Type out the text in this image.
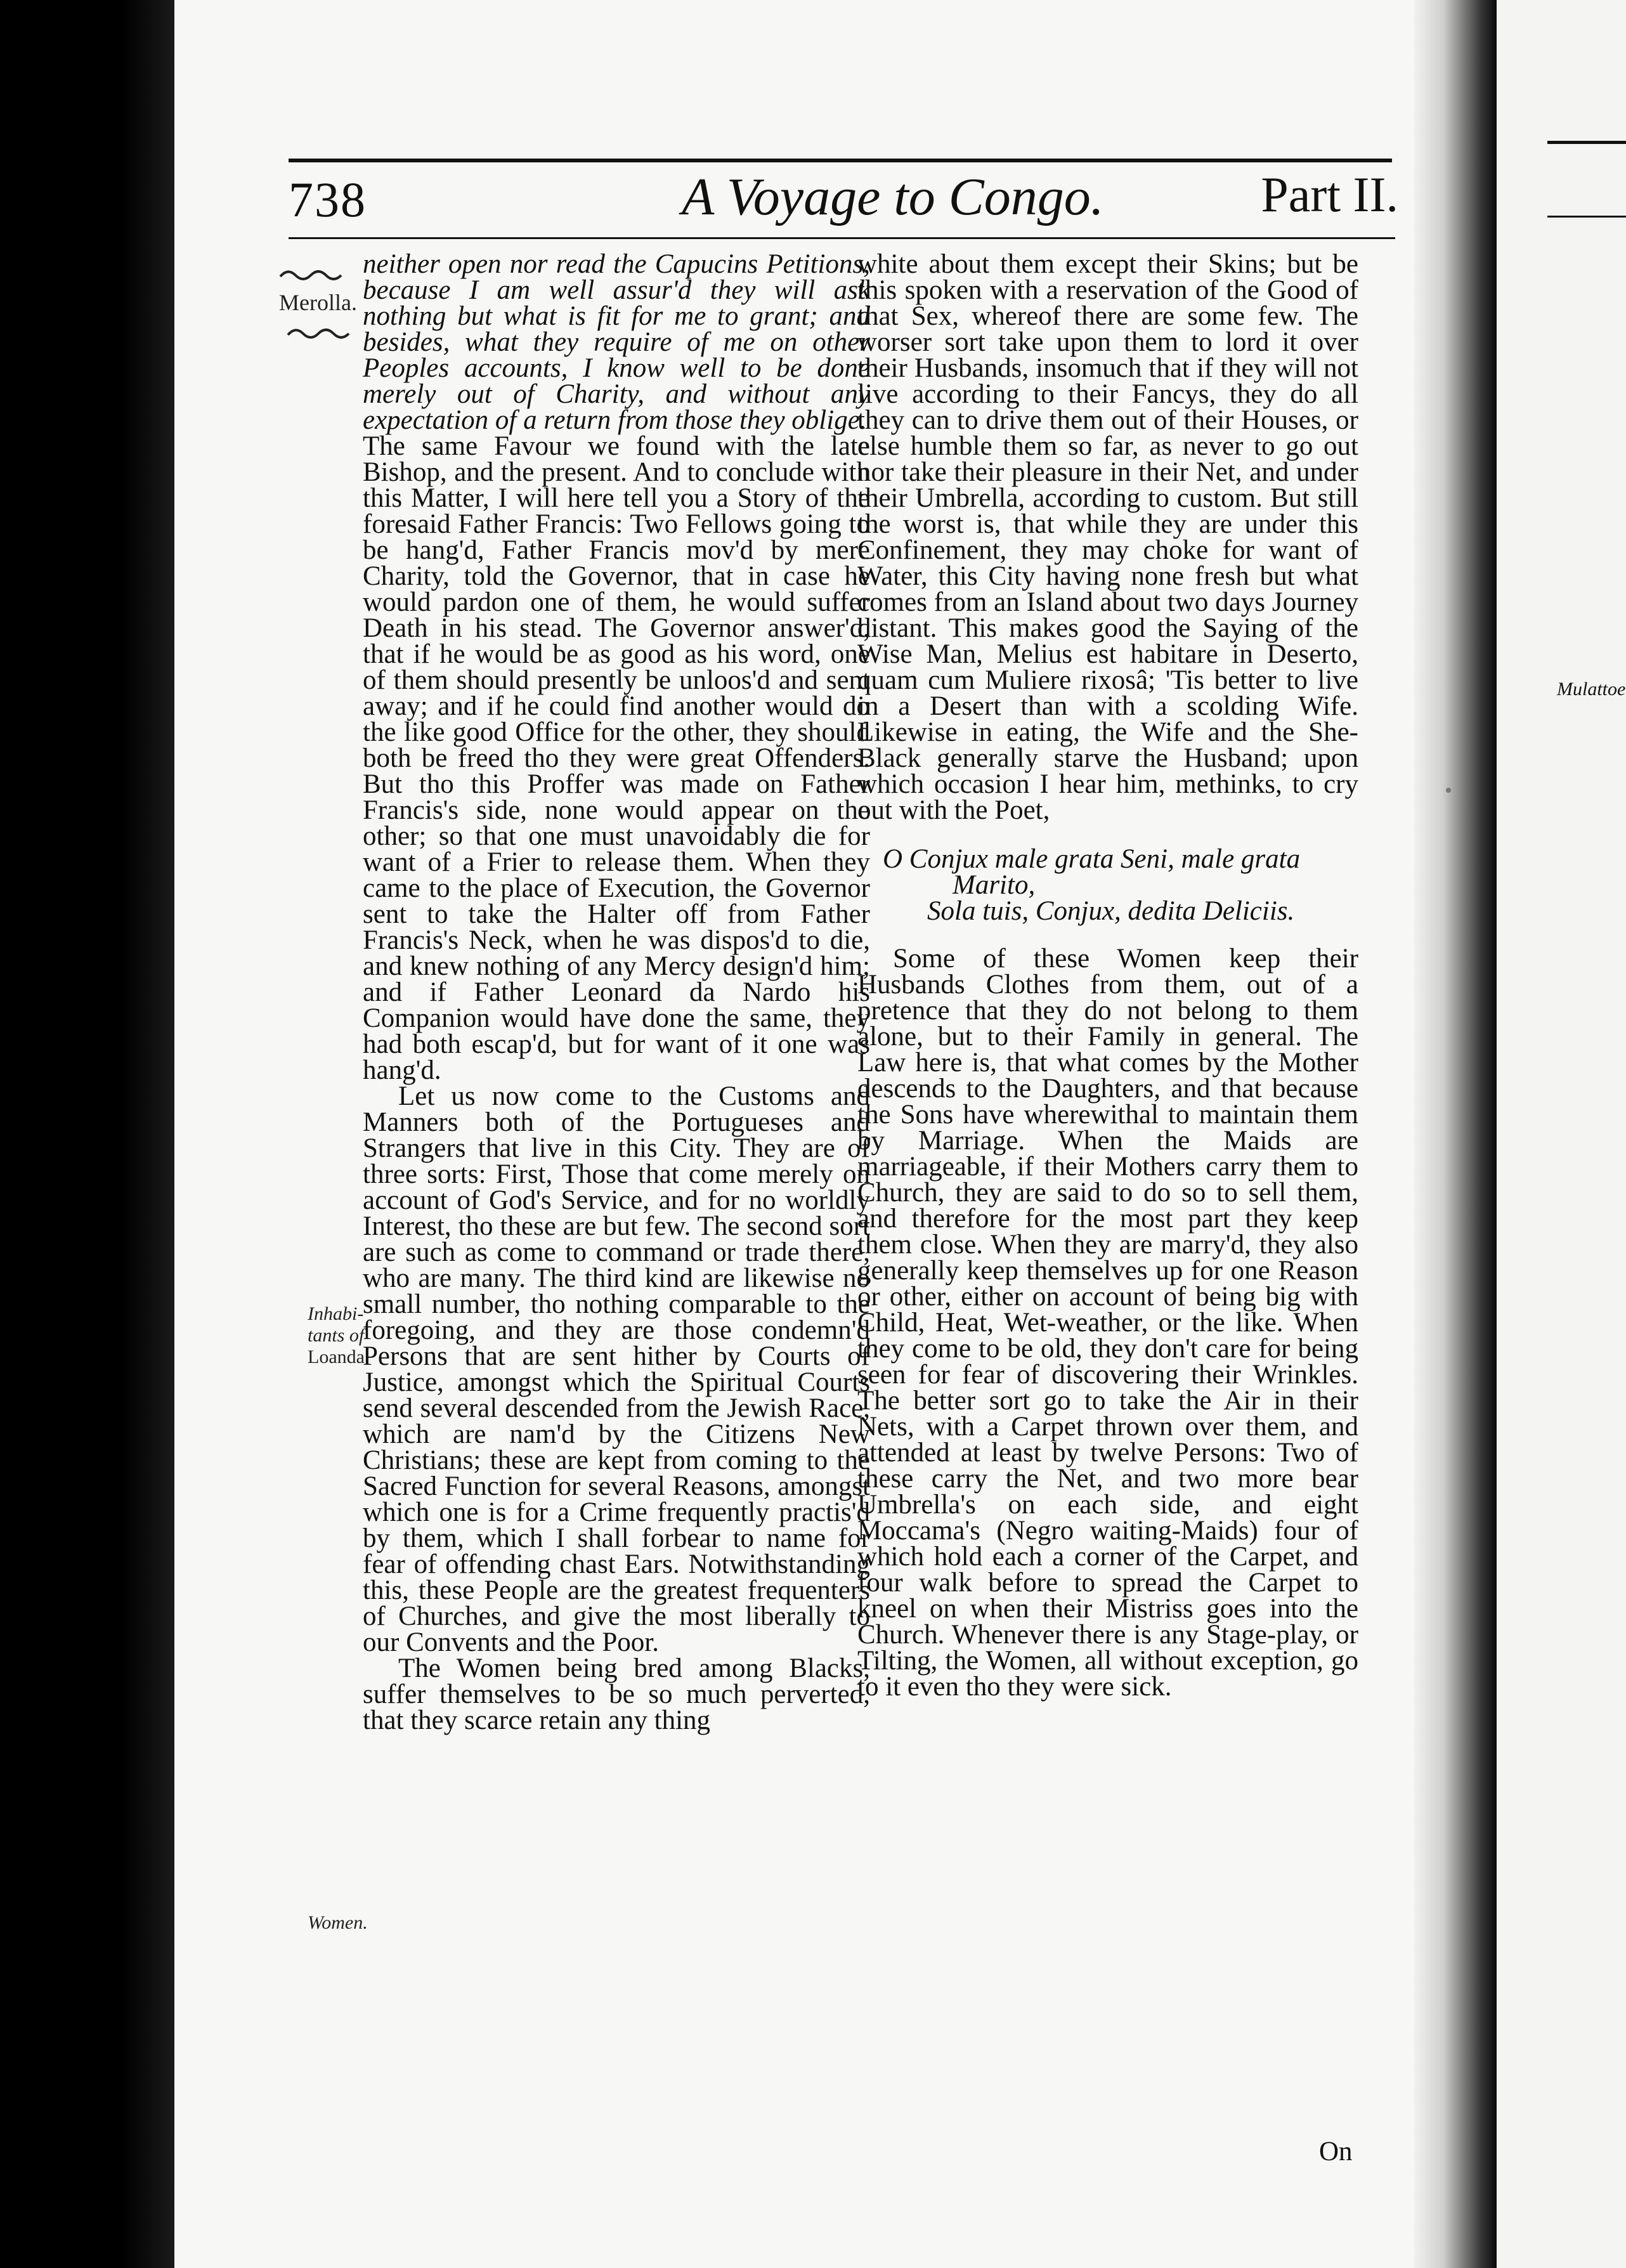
738	A Voyage to Congo.	Part II.
Merolla.
Inhabi-
tants of
Loanda.
Women.

neither open nor read the Capucins Petitions, because I am well assur'd they will ask nothing but what is fit for me to grant; and besides, what they require of me on other Peoples accounts, I know well to be done merely out of Charity, and without any expectation of a return from those they oblige.

The same Favour we found with the late Bishop, and the present. And to conclude with this Matter, I will here tell you a Story of the foresaid Father Francis: Two Fellows going to be hang'd, Father Francis mov'd by mere Charity, told the Governor, that in case he would pardon one of them, he would suffer Death in his stead. The Governor answer'd, that if he would be as good as his word, one of them should presently be unloos'd and sent away; and if he could find another would do the like good Office for the other, they should both be freed tho they were great Offenders. But tho this Proffer was made on Father Francis's side, none would appear on the other; so that one must unavoidably die for want of a Frier to release them. When they came to the place of Execution, the Governor sent to take the Halter off from Father Francis's Neck, when he was dispos'd to die, and knew nothing of any Mercy design'd him; and if Father Leonard da Nardo his Companion would have done the same, they had both escap'd, but for want of it one was hang'd.

Let us now come to the Customs and Manners both of the Portugueses and Strangers that live in this City. They are of three sorts: First, Those that come merely on account of God's Service, and for no worldly Interest, tho these are but few. The second sort are such as come to command or trade there, who are many. The third kind are likewise no small number, tho nothing comparable to the foregoing, and they are those condemn'd Persons that are sent hither by Courts of Justice, amongst which the Spiritual Courts send several descended from the Jewish Race, which are nam'd by the Citizens New Christians; these are kept from coming to the Sacred Function for several Reasons, amongst which one is for a Crime frequently practis'd by them, which I shall forbear to name for fear of offending chast Ears. Notwithstanding this, these People are the greatest frequenters of Churches, and give the most liberally to our Convents and the Poor.

The Women being bred among Blacks, suffer themselves to be so much perverted, that they scarce retain any thing

white about them except their Skins; but be this spoken with a reservation of the Good of that Sex, whereof there are some few. The worser sort take upon them to lord it over their Husbands, insomuch that if they will not live according to their Fancys, they do all they can to drive them out of their Houses, or else humble them so far, as never to go out nor take their pleasure in their Net, and under their Umbrella, according to custom. But still the worst is, that while they are under this Confinement, they may choke for want of Water, this City having none fresh but what comes from an Island about two days Journey distant. This makes good the Saying of the Wise Man, Melius est habitare in Deserto, quam cum Muliere rixosâ; 'Tis better to live in a Desert than with a scolding Wife. Likewise in eating, the Wife and the She-Black generally starve the Husband; upon which occasion I hear him, methinks, to cry out with the Poet,

O Conjux male grata Seni, male grata
Marito,
Sola tuis, Conjux, dedita Deliciis.

Some of these Women keep their Husbands Clothes from them, out of a pretence that they do not belong to them alone, but to their Family in general. The Law here is, that what comes by the Mother descends to the Daughters, and that because the Sons have wherewithal to maintain them by Marriage. When the Maids are marriageable, if their Mothers carry them to Church, they are said to do so to sell them, and therefore for the most part they keep them close. When they are marry'd, they also generally keep themselves up for one Reason or other, either on account of being big with Child, Heat, Wet-weather, or the like. When they come to be old, they don't care for being seen for fear of discovering their Wrinkles. The better sort go to take the Air in their Nets, with a Carpet thrown over them, and attended at least by twelve Persons: Two of these carry the Net, and two more bear Umbrella's on each side, and eight Moccama's (Negro waiting-Maids) four of which hold each a corner of the Carpet, and four walk before to spread the Carpet to kneel on when their Mistriss goes into the Church. Whenever there is any Stage-play, or Tilting, the Women, all without exception, go to it even tho they were sick.

On
Mulattoe
